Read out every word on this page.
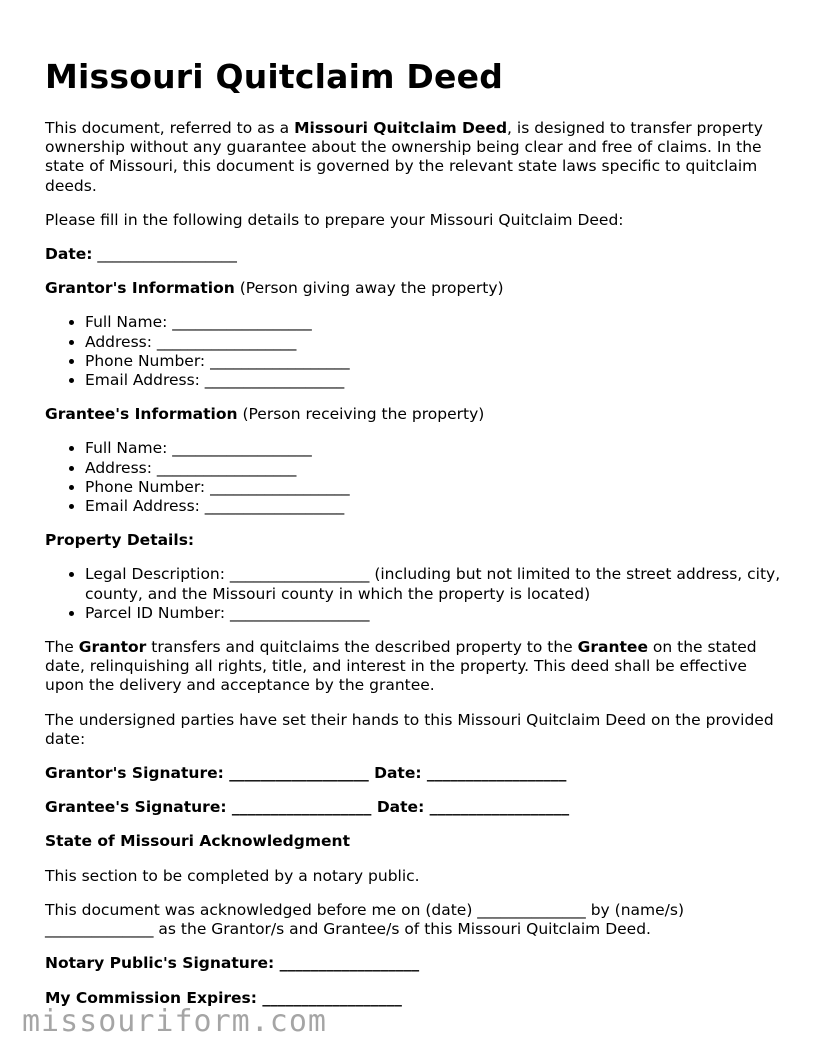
Missouri Quitclaim Deed

This document, referred to as a Missouri Quitclaim Deed, is designed to transfer property ownership without any guarantee about the ownership being clear and free of claims. In the state of Missouri, this document is governed by the relevant state laws specific to quitclaim deeds.

Please fill in the following details to prepare your Missouri Quitclaim Deed:

Date: __________________

Grantor's Information (Person giving away the property)

• Full Name: __________________
• Address: __________________
• Phone Number: __________________
• Email Address: __________________

Grantee's Information (Person receiving the property)

• Full Name: __________________
• Address: __________________
• Phone Number: __________________
• Email Address: __________________

Property Details:

• Legal Description: __________________ (including but not limited to the street address, city, county, and the Missouri county in which the property is located)
• Parcel ID Number: __________________

The Grantor transfers and quitclaims the described property to the Grantee on the stated date, relinquishing all rights, title, and interest in the property. This deed shall be effective upon the delivery and acceptance by the grantee.

The undersigned parties have set their hands to this Missouri Quitclaim Deed on the provided date:

Grantor's Signature: __________________ Date: __________________

Grantee's Signature: __________________ Date: __________________

State of Missouri Acknowledgment

This section to be completed by a notary public.

This document was acknowledged before me on (date) ______________ by (name/s) ______________ as the Grantor/s and Grantee/s of this Missouri Quitclaim Deed.

Notary Public's Signature: __________________

My Commission Expires: __________________

missouriform.com
